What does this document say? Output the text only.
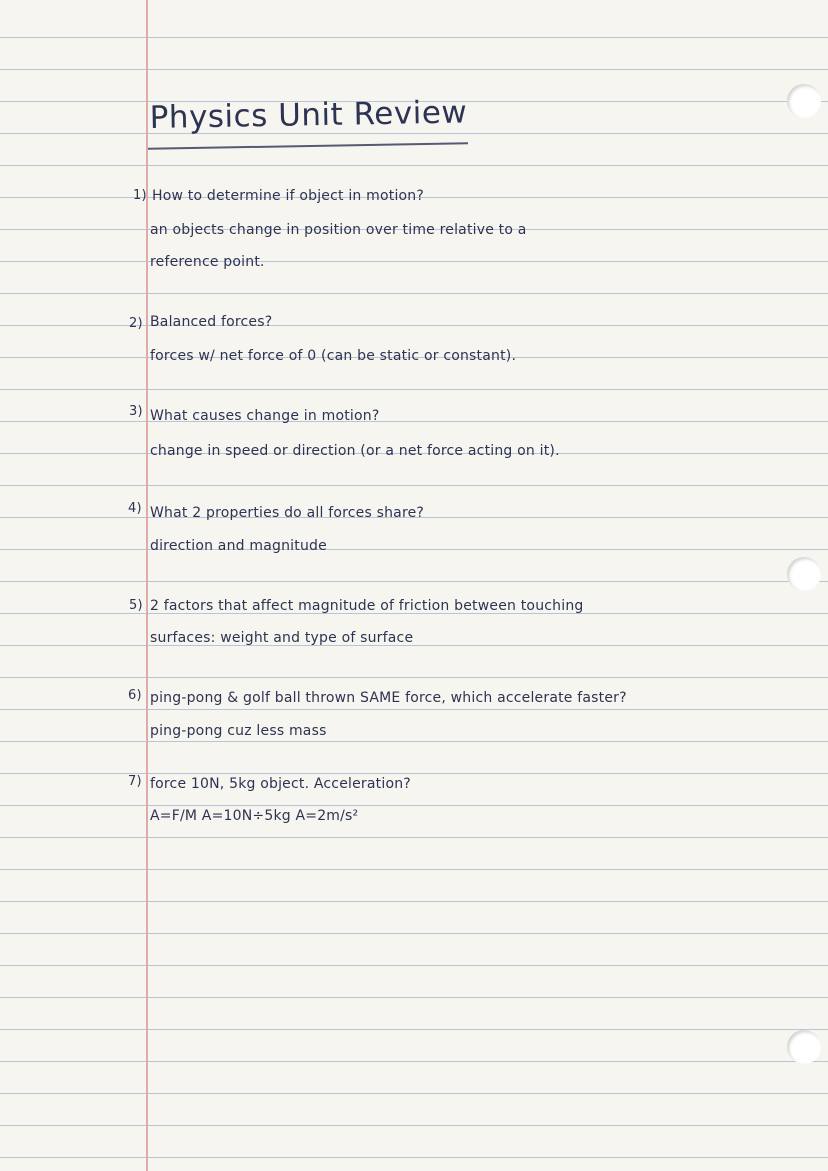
Physics Unit Review
1) How to determine if object in motion?
an objects change in position over time relative to a
reference point.
2) Balanced forces?
forces w/ net force of 0 (can be static or constant).
3) What causes change in motion?
change in speed or direction (or a net force acting on it).
4) What 2 properties do all forces share?
direction and magnitude
5) 2 factors that affect magnitude of friction between touching
surfaces: weight and type of surface
6) ping-pong & golf ball thrown SAME force, which accelerate faster?
ping-pong cuz less mass
7) force 10N, 5kg object. Acceleration?
A=F/M A=10N÷5kg A=2m/s²
